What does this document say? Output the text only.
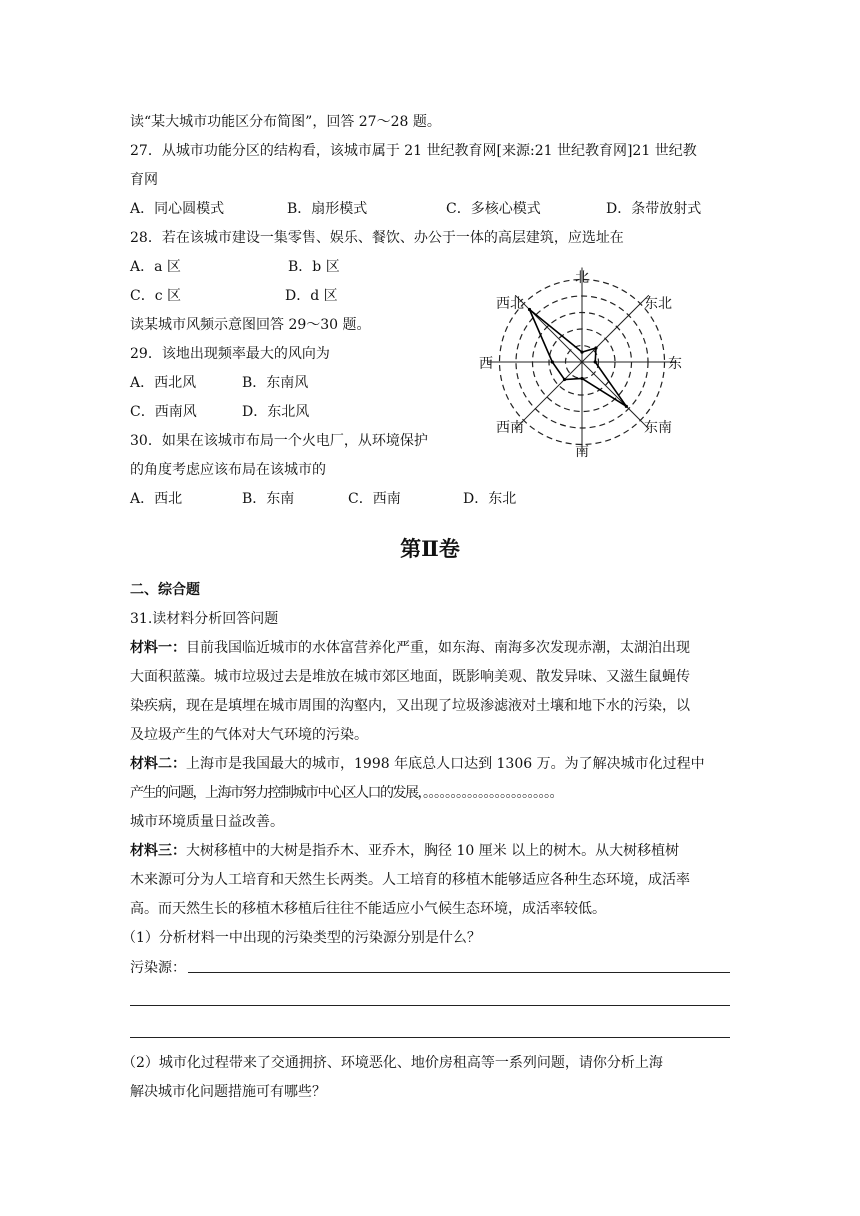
读“某大城市功能区分布简图”，回答 27～28 题。
27．从城市功能分区的结构看，该城市属于 21 世纪教育网[来源:21 世纪教育网]21 世纪教
育网
A．同心圆模式	B．扇形模式	C．多核心模式	D．条带放射式
28．若在该城市建设一集零售、娱乐、餐饮、办公于一体的高层建筑，应选址在
A．a 区	B．b 区
C．c 区	D．d 区
读某城市风频示意图回答 29～30 题。
29．该地出现频率最大的风向为
A．西北风	B．东南风
C．西南风	D．东北风
30．如果在该城市布局一个火电厂，从环境保护
的角度考虑应该布局在该城市的
A．西北	B．东南	C．西南	D．东北
北
东北
东
东南
南
西南
西
西北
第Ⅱ卷
二、综合题
31.读材料分析回答问题
材料一：目前我国临近城市的水体富营养化严重，如东海、南海多次发现赤潮，太湖泊出现
大面积蓝藻。城市垃圾过去是堆放在城市郊区地面，既影响美观、散发异味、又滋生鼠蝇传
染疾病，现在是填埋在城市周围的沟壑内，又出现了垃圾渗滤液对土壤和地下水的污染，以
及垃圾产生的气体对大气环境的污染。
材料二：上海市是我国最大的城市，1998 年底总人口达到 1306 万。为了解决城市化过程中
产生的问题，上海市努力控制城市中心区人口的发展，。。。。。。。。。。。。。。。。。。。。。。。。
城市环境质量日益改善。
材料三：大树移植中的大树是指乔木、亚乔木，胸径 10 厘米 以上的树木。从大树移植树
木来源可分为人工培育和天然生长两类。人工培育的移植木能够适应各种生态环境，成活率
高。而天然生长的移植木移植后往往不能适应小气候生态环境，成活率较低。
（1）分析材料一中出现的污染类型的污染源分别是什么？
污染源：
（2）城市化过程带来了交通拥挤、环境恶化、地价房租高等一系列问题，请你分析上海
解决城市化问题措施可有哪些？
